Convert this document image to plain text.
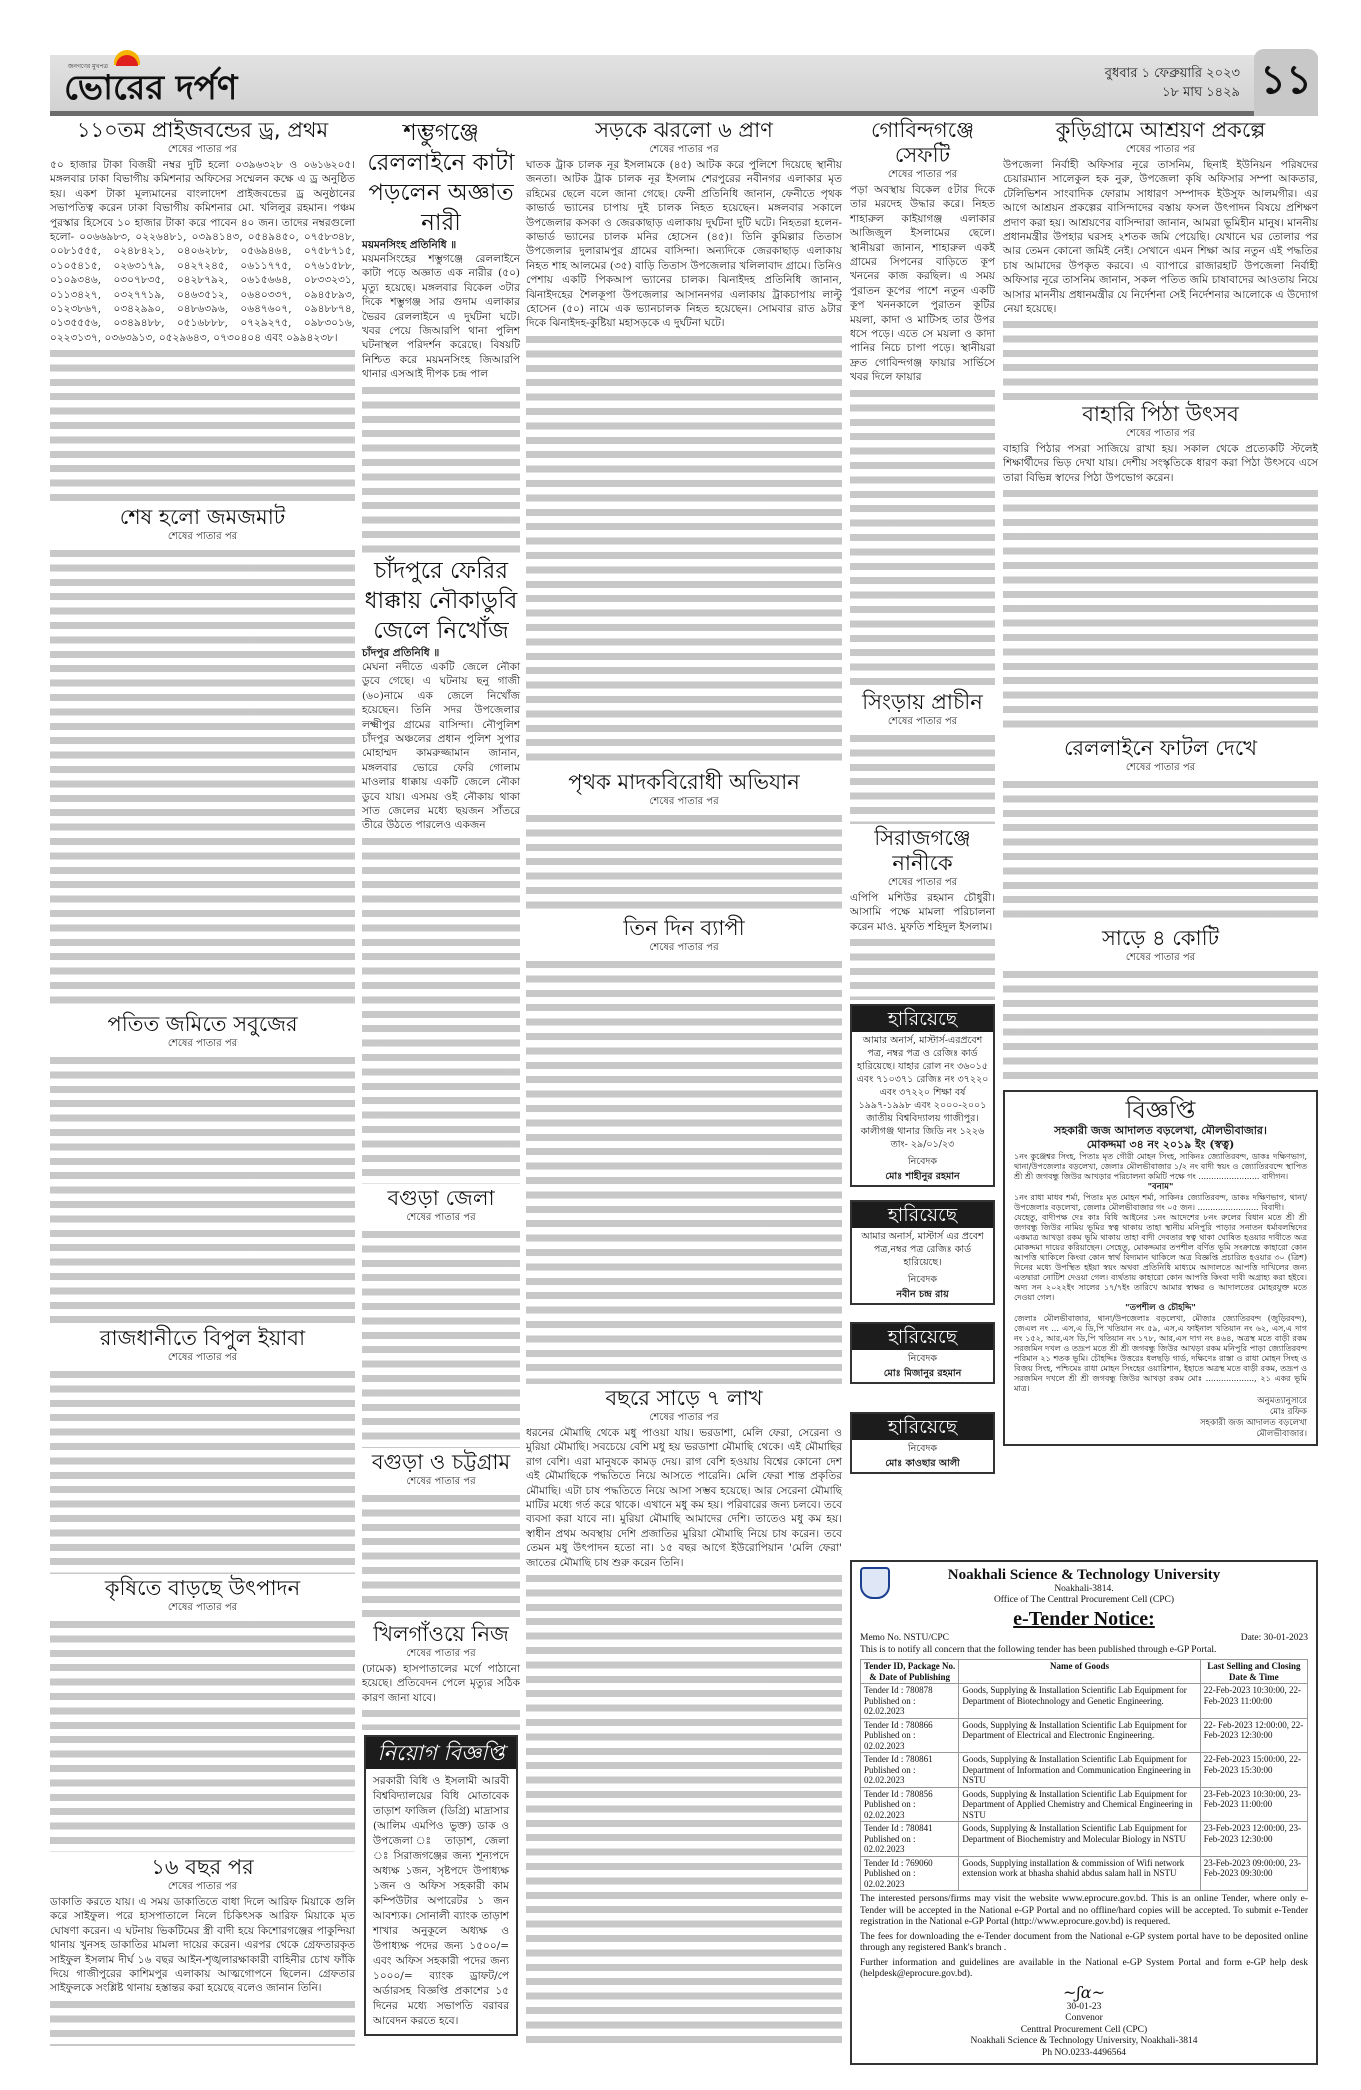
জনগণের মুখপত্র
ভোরের দর্পণ	বুধবার ১ ফেব্রুয়ারি ২০২৩
১৮ মাঘ ১৪২৯ ১১
১১০তম প্রাইজবন্ডের ড্র, প্রথম
শেষের পাতার পর
৫০ হাজার টাকা বিজয়ী নম্বর দুটি হলো ০৩৯৬৩২৮ ও ০৬১৬২০৫। মঙ্গলবার ঢাকা বিভাগীয় কমিশনার অফিসের সম্মেলন কক্ষে এ ড্র অনুষ্ঠিত হয়। একশ টাকা মূল্যমানের বাংলাদেশ প্রাইজবন্ডের ড্র অনুষ্ঠানের সভাপতিত্ব করেন ঢাকা বিভাগীয় কমিশনার মো. খলিলুর রহমান। পঞ্চম পুরস্কার হিসেবে ১০ হাজার টাকা করে পাবেন ৪০ জন। তাদের নম্বরগুলো হলো- ০০৬৬৯৮৩, ০২২৬৪৮১, ০৩৯৪১৪৩, ০৫৪৯৪৫০, ০৭৫৮৩৪৮, ০০৮১৫৫৫, ০২৪৮৪২১, ০৪০৬২৮৮, ০৫৬৯৪৬৪, ০৭৫৮৭১৫, ০১০৫৪১৫, ০২৬৩১৭৯, ০৪২৭২৪৫, ০৬১১৭৭৫, ০৭৬১৫৮৮, ০১০৯৩৪৬, ০৩০৭৮৩৫, ০৪২৮৭৯২, ০৬১৫৬৬৪, ০৮৩৩২৩১, ০১১৩৪২৭, ০৩২৭৭১৯, ০৪৬৩৫১২, ০৬৪০৩৩৭, ০৯৪৫৮৯৩, ০১২৩৮৬৭, ০৩৪২৯৯০, ০৪৮৬৩৯৬, ০৬৪৭৬০৭, ০৯৪৮৮৭৪, ০১৩৫৫৫৬, ০৩৪৯৪৮৮, ০৫১৬৮৮৮, ০৭২৯২৭৫, ০৯৮৩০১৬, ০২২৩১৩৭, ০৩৬৩৯১৩, ০৫২৯৬৪৩, ০৭৩০৪০৪ এবং ০৯৯৪২৩৮।
শেষ হলো জমজমাট
শেষের পাতার পর
পতিত জমিতে সবুজের
শেষের পাতার পর
রাজধানীতে বিপুল ইয়াবা
শেষের পাতার পর
কৃষিতে বাড়ছে উৎপাদন
শেষের পাতার পর
১৬ বছর পর
শেষের পাতার পর
ডাকাতি করতে যায়। এ সময় ডাকাতিতে বাধা দিলে আরিফ মিয়াকে গুলি করে সাইফুল। পরে হাসপাতালে নিলে চিকিৎসক আরিফ মিয়াকে মৃত ঘোষণা করেন। এ ঘটনায় ভিকটিমের স্ত্রী বাদী হয়ে কিশোরগঞ্জের পাকুন্দিয়া থানায় খুনসহ ডাকাতির মামলা দায়ের করেন। এরপর থেকে গ্রেফতারকৃত সাইফুল ইসলাম দীর্ঘ ১৬ বছর আইন-শৃঙ্খলারক্ষাকারী বাহিনীর চোখ ফাঁকি দিয়ে গাজীপুরের কাশিমপুর এলাকায় আত্মগোপনে ছিলেন। গ্রেফতার সাইফুলকে সংশ্লিষ্ট থানায় হস্তান্তর করা হয়েছে বলেও জানান তিনি।
শম্ভুগঞ্জে রেললাইনে কাটা পড়লেন অজ্ঞাত নারী
ময়মনসিংহ প্রতিনিধি ॥
ময়মনসিংহের শম্ভুগঞ্জে রেললাইনে কাটা পড়ে অজ্ঞাত এক নারীর (৫০) মৃত্যু হয়েছে। মঙ্গলবার বিকেল ৩টার দিকে শম্ভুগঞ্জ সার গুদাম এলাকার ভৈরব রেললাইনে এ দুর্ঘটনা ঘটে। খবর পেয়ে জিআরপি থানা পুলিশ ঘটনাস্থল পরিদর্শন করেছে। বিষয়টি নিশ্চিত করে ময়মনসিংহ জিআরপি থানার এসআই দীপক চন্দ্র পাল
চাঁদপুরে ফেরির ধাক্কায় নৌকাডুবি জেলে নিখোঁজ
চাঁদপুর প্রতিনিধি ॥
মেঘনা নদীতে একটি জেলে নৌকা ডুবে গেছে। এ ঘটনায় ছনু গাজী (৬০)নামে এক জেলে নিখোঁজ হয়েছেন। তিনি সদর উপজেলার লক্ষ্মীপুর গ্রামের বাসিন্দা। নৌপুলিশ চাঁদপুর অঞ্চলের প্রধান পুলিশ সুপার মোহাম্মদ কামরুজ্জামান জানান, মঙ্গলবার ভোরে ফেরি গোলাম মাওলার ধাক্কায় একটি জেলে নৌকা ডুবে যায়। এসময় ওই নৌকায় থাকা সাত জেলের মধ্যে ছয়জন সাঁতরে তীরে উঠতে পারলেও একজন
বগুড়া জেলা
শেষের পাতার পর
বগুড়া ও চট্টগ্রাম
শেষের পাতার পর
খিলগাঁওয়ে নিজ
শেষের পাতার পর
(ঢামেক) হাসপাতালের মর্গে পাঠানো হয়েছে। প্রতিবেদন পেলে মৃত্যুর সঠিক কারণ জানা যাবে।
সড়কে ঝরলো ৬ প্রাণ
শেষের পাতার পর
ঘাতক ট্রাক চালক নূর ইসলামকে (৪৫) আটক করে পুলিশে দিয়েছে স্থানীয় জনতা। আটক ট্রাক চালক নূর ইসলাম শেরপুরের নবীনগর এলাকার মৃত রহিমের ছেলে বলে জানা গেছে। ফেনী প্রতিনিধি জানান, ফেনীতে পৃথক কাভার্ড ভ্যানের চাপায় দুই চালক নিহত হয়েছেন। মঙ্গলবার সকালে উপজেলার কসকা ও জেরকাছাড় এলাকায় দুর্ঘটনা দুটি ঘটে। নিহতরা হলেন- কাভার্ড ভ্যানের চালক মনির হোসেন (৪৫)। তিনি কুমিল্লার তিতাস উপজেলার দুলারামপুর গ্রামের বাসিন্দা। অন্যদিকে জেরকাছাড় এলাকায় নিহত শাহ আলমের (৩৫) বাড়ি তিতাস উপজেলার খলিলাবাদ গ্রামে। তিনিও পেশায় একটি পিকআপ ভ্যানের চালক। ঝিনাইদহ প্রতিনিধি জানান, ঝিনাইদহের শৈলকূপা উপজেলার আসাননগর এলাকায় ট্রাকচাপায় লাল্টু হোসেন (৫০) নামে এক ভ্যানচালক নিহত হয়েছেন। সোমবার রাত ৯টার দিকে ঝিনাইদহ-কুষ্টিয়া মহাসড়কে এ দুর্ঘটনা ঘটে।
পৃথক মাদকবিরোধী অভিযান
শেষের পাতার পর
তিন দিন ব্যাপী
শেষের পাতার পর
বছরে সাড়ে ৭ লাখ
শেষের পাতার পর
ধরনের মৌমাছি থেকে মধু পাওয়া যায়। ভরডাশা, মেলি ফেরা, সেরেনা ও মুরিয়া মৌমাছি। সবচেয়ে বেশি মধু হয় ভরডাশা মৌমাছি থেকে। এই মৌমাছির রাগ বেশি। এরা মানুষকে কামড় দেয়। রাগ বেশি হওয়ায় বিশ্বের কোনো দেশ এই মৌমাছিকে পদ্ধতিতে নিয়ে আসতে পারেনি। মেলি ফেরা শান্ত প্রকৃতির মৌমাছি। এটা চাষ পদ্ধতিতে নিয়ে আসা সম্ভব হয়েছে। আর সেরেনা মৌমাছি মাটির মধ্যে গর্ত করে থাকে। এখানে মধু কম হয়। পরিবারের জন্য চলবে। তবে ব্যবসা করা যাবে না। মুরিয়া মৌমাছি আমাদের দেশি। তাতেও মধু কম হয়। স্বাধীন প্রথম অবস্থায় দেশি প্রজাতির মুরিয়া মৌমাছি নিয়ে চাষ করেন। তবে তেমন মধু উৎপাদন হতো না। ১৫ বছর আগে ইউরোপিয়ান 'মেলি ফেরা' জাতের মৌমাছি চাষ শুরু করেন তিনি।
গোবিন্দগঞ্জে সেফটি
শেষের পাতার পর
পড়া অবস্থায় বিকেল ৫টার দিকে তার মরদেহ উদ্ধার করে। নিহত শাহারুল কাইয়াগঞ্জ এলাকার আজিজুল ইসলামের ছেলে। স্থানীয়রা জানান, শাহারুল একই গ্রামের সিপনের বাড়িতে কূপ খননের কাজ করছিল। এ সময় পুরাতন কূপের পাশে নতুন একটি কূপ খননকালে পুরাতন কূটির ময়লা, কাদা ও মাটিসহ তার উপর ধসে পড়ে। এতে সে ময়লা ও কাদা পানির নিচে চাপা পড়ে। স্থানীয়রা দ্রুত গোবিন্দগঞ্জ ফায়ার সার্ভিসে খবর দিলে ফায়ার
সিংড়ায় প্রাচীন
শেষের পাতার পর
সিরাজগঞ্জে নানীকে
শেষের পাতার পর
এপিপি মশিউর রহমান চৌধুরী। আসামি পক্ষে মামলা পরিচালনা করেন মাও. মুফতি শহিদুল ইসলাম।
কুড়িগ্রামে আশ্রয়ণ প্রকল্পে
শেষের পাতার পর
উপজেলা নির্বাহী অফিসার নূরে তাসনিম, ছিনাই ইউনিয়ন পরিষদের চেয়ারম্যান সালেকুল হক নুরু, উপজেলা কৃষি অফিসার সম্পা আকতার, টেলিভিশন সাংবাদিক ফোরাম সাধারণ সম্পাদক ইউসুফ আলমগীর। এর আগে আশ্রয়ন প্রকল্পের বাসিন্দাদের বস্তায় ফসল উৎপাদন বিষয়ে প্রশিক্ষণ প্রদাণ করা হয়। আশ্রয়ণের বাসিন্দারা জানান, আমরা ভূমিহীন মানুষ। মাননীয় প্রধানমন্ত্রীর উপহার ঘরসহ ২শতক জমি পেয়েছি। যেখানে ঘর তোলার পর আর তেমন কোনো জমিই নেই। সেখানে এমন শিক্ষা আর নতুন এই পদ্ধতির চাষ আমাদের উপকৃত করবে। এ ব্যাপারে রাজারহাট উপজেলা নির্বাহী অফিসার নূরে তাসনিম জানান, সকল পতিত জমি চাষাবাদের আওতায় নিয়ে আসার মাননীয় প্রধানমন্ত্রীর যে নির্দেশনা সেই নির্দেশনার আলোকে এ উদ্যোগ নেয়া হয়েছে।
বাহারি পিঠা উৎসব
শেষের পাতার পর
বাহারি পিঠার পসরা সাজিয়ে রাখা হয়। সকাল থেকে প্রত্যেকটি স্টলেই শিক্ষার্থীদের ভিড় দেখা যায়। দেশীয় সংস্কৃতিকে ধারণ করা পিঠা উৎসবে এসে তারা বিভিন্ন স্বাদের পিঠা উপভোগ করেন।
রেললাইনে ফাটল দেখে
শেষের পাতার পর
সাড়ে ৪ কোটি
শেষের পাতার পর
হারিয়েছে
আমার অনার্স, মাস্টার্স-এরপ্রবেশ পত্র, নম্বর পত্র ও রেজিঃ কার্ড হারিয়েছে। যাহার রোল নং ৩৬০১৫ এবং ৭১০৩৭১ রেজিঃ নং ৩৭২২০ এবং ৩৭২২০ শিক্ষা বর্ষ ১৯৯৭-১৯৯৮ এবং ২০০০-২০০১ জাতীয় বিশ্ববিদ্যালয় গাজীপুর। কালীগঞ্জ থানার জিডি নং ১২২৬ তাং- ২৯/০১/২৩
নিবেদক
মোঃ শাহীনুর রহমান
হারিয়েছে
আমার অনার্স, মাস্টার্স এর প্রবেশ পত্র,নম্বর পত্র রেজিঃ কার্ড হারিয়েছে।
নিবেদক
নবীন চন্দ্র রায়
হারিয়েছে
নিবেদক
মোঃ মিজানুর রহমান
হারিয়েছে
নিবেদক
মোঃ কাওছার আলী
নিয়োগ বিজ্ঞপ্তি
সরকারী বিধি ও ইসলামী আরবী বিশ্ববিদ্যালয়ের বিধি মোতাবেক তাড়াশ ফাজিল (ডিগ্রি) মাদ্রাসার (আলিম এমপিও ভুক্ত) ডাক ও উপজেলা ঃ তাড়াশ, জেলা ঃ সিরাজগঞ্জের জন্য শূন্যপদে অধ্যক্ষ ১জন, সৃষ্টপদে উপাধ্যক্ষ ১জন ও অফিস সহকারী কাম কম্পিউটার অপারেটর ১ জন আবশ্যক। সোনালী ব্যাংক তাড়াশ শাখার অনুকূলে অধ্যক্ষ ও উপাধ্যক্ষ পদের জন্য ১৫০০/= এবং অফিস সহকারী পদের জন্য ১০০০/= ব্যাংক ড্রাফট/পে অর্ডারসহ বিজ্ঞপ্তি প্রকাশের ১৫ দিনের মধ্যে সভাপতি বরাবর আবেদন করতে হবে।
বিজ্ঞপ্তি
সহকারী জজ আদালত বড়লেখা, মৌলভীবাজার।
মোকদ্দমা ৩৪ নং ২০১৯ ইং (স্বত্ব)
১নং কুঞ্জেশ্বর সিংহ, পিতাঃ মৃত গৌরী মোহন সিংহ, সাকিনঃ জ্যোতিরবন্দ, ডাকঃ দক্ষিণভাগ, থানা/উপজেলাঃ বড়লেখা, জেলাঃ মৌলভীবাজার ১/২ নং বাদী স্বয়ং ও জ্যোতিরবন্দে স্থাপিত শ্রী শ্রী জগবন্ধু জিউর আখড়ার পরিচালনা কমিটি পক্ষে গং ........................ বাদীগন।
"বনাম"
১নং রাধা মাধব শর্মা, পিতাঃ মৃত মোহন শর্মা, সাকিনঃ জ্যোতিরবন্দ, ডাকঃ দক্ষিণভাগ, থানা/উপজেলাঃ বড়লেখা, জেলাঃ মৌলভীবাজার গং ০৫ জন। ........................ বিবাদী।
যেহেতু, বাদীপক্ষ দেঃ কাঃ বিধি আইনের ১নং আদেশের ৮নং রুলের বিধান মতে শ্রী শ্রী জগবন্ধু জিউর নামিয় ভূমির স্বত্ব থাকায় তাহা স্থানীয় মনিপুরি পাড়ার সনাতন ধর্মাবলম্বিদের একমাত্র আখড়া রকম ভূমি থাকায় তাহা বাদী দেবতার স্বত্ব থাকা ঘোষিত হওয়ার দাবীতে অত্র মোকদ্দমা দায়ের করিয়াছেন। সেহেতু, মোকদ্দমার তপশীল বর্ণিত ভূমি সংক্রান্তে কাহারো কোন আপত্তি থাকিলে কিংবা কোন স্বার্থ বিদ্যমান থাকিলে অত্র বিজ্ঞপ্তি প্রচারিত হওয়ার ৩০ (ত্রিশ) দিনের মধ্যে উপস্থিত হইয়া স্বয়ং অথবা প্রতিনিধি মাধ্যমে আদালতে আপত্তি দাখিলের জন্য এতদ্বারা নোটিশ দেওয়া গেল। ব্যর্থতায় কাহারো কোন আপত্তি কিংবা দাবী অগ্রাহ্য করা হইবে। অদ্য সন ২০২২ইং সালের ১৭/৭ইং তারিখে আমার স্বাক্ষর ও আদালতের মোহরযুক্ত মতে দেওয়া গেল।
"তপশীল ও চৌহদ্দি"
জেলাঃ মৌলভীবাজার, থানা/উপজেলাঃ বড়লেখা, মৌজাঃ জ্যোতিরবন্দ (জুড়িরবন্দ), জেএল নং ... এস,এ ডি,পি খতিয়ান নং ৫৯, এস,এ ফাইনাল খতিয়ান নং ৬২, এস,এ দাগ নং ১৫২, আর,এস ডি,পি খতিয়ান নং ১৭৮, আর,এস দাগ নং ৪৬৪, অত্রস্থ মতে বাড়ী রকম সরজমিন দখল ও তদ্রূপ মতে শ্রী শ্রী জগবন্ধু জিউর আখড়া রকম মনিপুরি পাড়া জ্যোতিরবন্দ পরিমান ২১ শতক ভূমি। চৌহদ্দিঃ উত্তরেঃ ধলছড়ি গার্ড, দক্ষিণেঃ রাস্তা ও রাধা মোহন সিংহ ও বিজয় সিংহ, পশ্চিমেঃ রাধা মোহন সিংহের ওয়ারিশান, ইহাতে অত্রস্থ মতে বাড়ী রকম, তদ্রূপ ও সরজমিন দখলে শ্রী শ্রী জগবন্ধু জিউর আখড়া রকম মোঃ ..................., ২১ একর ভূমি মাত্র।
অনুমত্যানুসারে
মোঃ রফিক
সহকারী জজ আদালত বড়লেখা
মৌলভীবাজার।
Noakhali Science & Technology University
Noakhali-3814.
Office of The Centtral Procurement Cell (CPC)
e-Tender Notice:
Memo No. NSTU/CPC	Date: 30-01-2023
This is to notify all concern that the following tender has been published through e-GP Portal.
Tender ID, Package No. & Date of Publishing	Name of Goods	Last Selling and Closing Date & Time

Tender Id : 780878
Published on : 02.02.2023	Goods, Supplying & Installation Scientific Lab Equipment for Department of Biotechnology and Genetic Engineering.	22-Feb-2023 10:30:00, 22-Feb-2023 11:00:00

Tender Id : 780866
Published on : 02.02.2023	Goods, Supplying & Installation Scientific Lab Equipment for Department of Electrical and Electronic Engineering.	22- Feb-2023 12:00:00, 22-Feb-2023 12:30:00

Tender Id : 780861
Published on : 02.02.2023	Goods, Supplying & Installation Scientific Lab Equipment for Department of Information and Communication Engineering in NSTU	22-Feb-2023 15:00:00, 22-Feb-2023 15:30:00

Tender Id : 780856
Published on : 02.02.2023	Goods, Supplying & Installation Scientific Lab Equipment for Department of Applied Chemistry and Chemical Engineering in NSTU	23-Feb-2023 10:30:00, 23-Feb-2023 11:00:00

Tender Id : 780841
Published on : 02.02.2023	Goods, Supplying & Installation Scientific Lab Equipment for Department of Biochemistry and Molecular Biology in NSTU	23-Feb-2023 12:00:00, 23-Feb-2023 12:30:00

Tender Id : 769060
Published on : 02.02.2023	Goods, Supplying installation & commission of Wifi network extension work at bhasha shahid abdus salam hall in NSTU	23-Feb-2023 09:00:00, 23-Feb-2023 09:30:00

The interested persons/firms may visit the website www.eprocure.gov.bd. This is an online Tender, where only e-Tender will be accepted in the National e-GP Portal and no offline/hard copies will be accepted. To submit e-Tender registration in the National e-GP Portal (http://www.eprocure.gov.bd) is requered.

The fees for downloading the e-Tender document from the National e-GP system portal have to be deposited online through any registered Bank's branch .

Further information and guidelines are available in the National e-GP System Portal and form e-GP help desk (helpdesk@eprocure.gov.bd).

~ʃɑ~
30-01-23
Convenor
Centtral Procurement Cell (CPC)
Noakhali Science & Technology University, Noakhali-3814
Ph NO.0233-4496564
